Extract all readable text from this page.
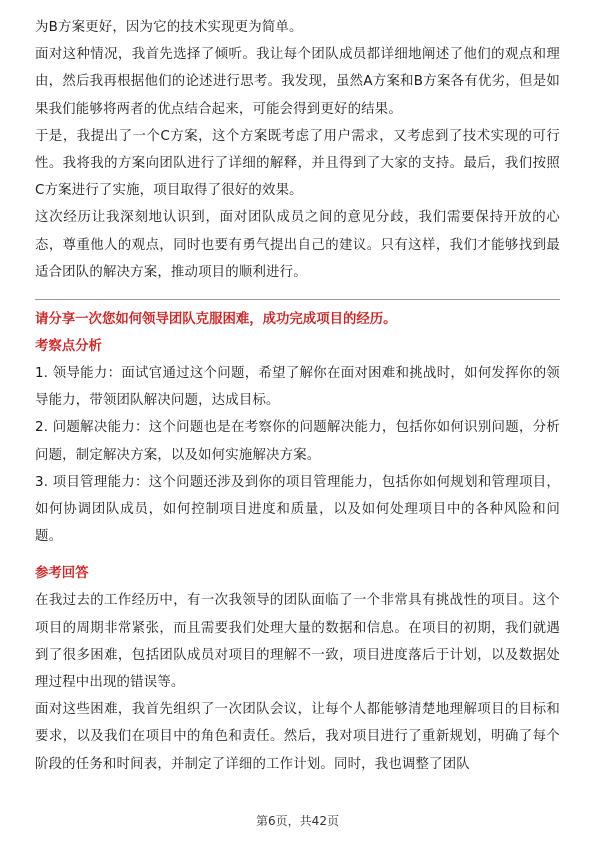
为B方案更好，因为它的技术实现更为简单。

面对这种情况，我首先选择了倾听。我让每个团队成员都详细地阐述了他们的观点和理由，然后我再根据他们的论述进行思考。我发现，虽然A方案和B方案各有优劣，但是如果我们能够将两者的优点结合起来，可能会得到更好的结果。

于是，我提出了一个C方案，这个方案既考虑了用户需求，又考虑到了技术实现的可行性。我将我的方案向团队进行了详细的解释，并且得到了大家的支持。最后，我们按照C方案进行了实施，项目取得了很好的效果。

这次经历让我深刻地认识到，面对团队成员之间的意见分歧，我们需要保持开放的心态，尊重他人的观点，同时也要有勇气提出自己的建议。只有这样，我们才能够找到最适合团队的解决方案，推动项目的顺利进行。

请分享一次您如何领导团队克服困难，成功完成项目的经历。

考察点分析

1. 领导能力：面试官通过这个问题，希望了解你在面对困难和挑战时，如何发挥你的领导能力，带领团队解决问题，达成目标。

2. 问题解决能力：这个问题也是在考察你的问题解决能力，包括你如何识别问题，分析问题，制定解决方案，以及如何实施解决方案。

3. 项目管理能力：这个问题还涉及到你的项目管理能力，包括你如何规划和管理项目，如何协调团队成员，如何控制项目进度和质量，以及如何处理项目中的各种风险和问题。

参考回答

在我过去的工作经历中，有一次我领导的团队面临了一个非常具有挑战性的项目。这个项目的周期非常紧张，而且需要我们处理大量的数据和信息。在项目的初期，我们就遇到了很多困难，包括团队成员对项目的理解不一致，项目进度落后于计划，以及数据处理过程中出现的错误等。

面对这些困难，我首先组织了一次团队会议，让每个人都能够清楚地理解项目的目标和要求，以及我们在项目中的角色和责任。然后，我对项目进行了重新规划，明确了每个阶段的任务和时间表，并制定了详细的工作计划。同时，我也调整了团队

第6页，共42页
